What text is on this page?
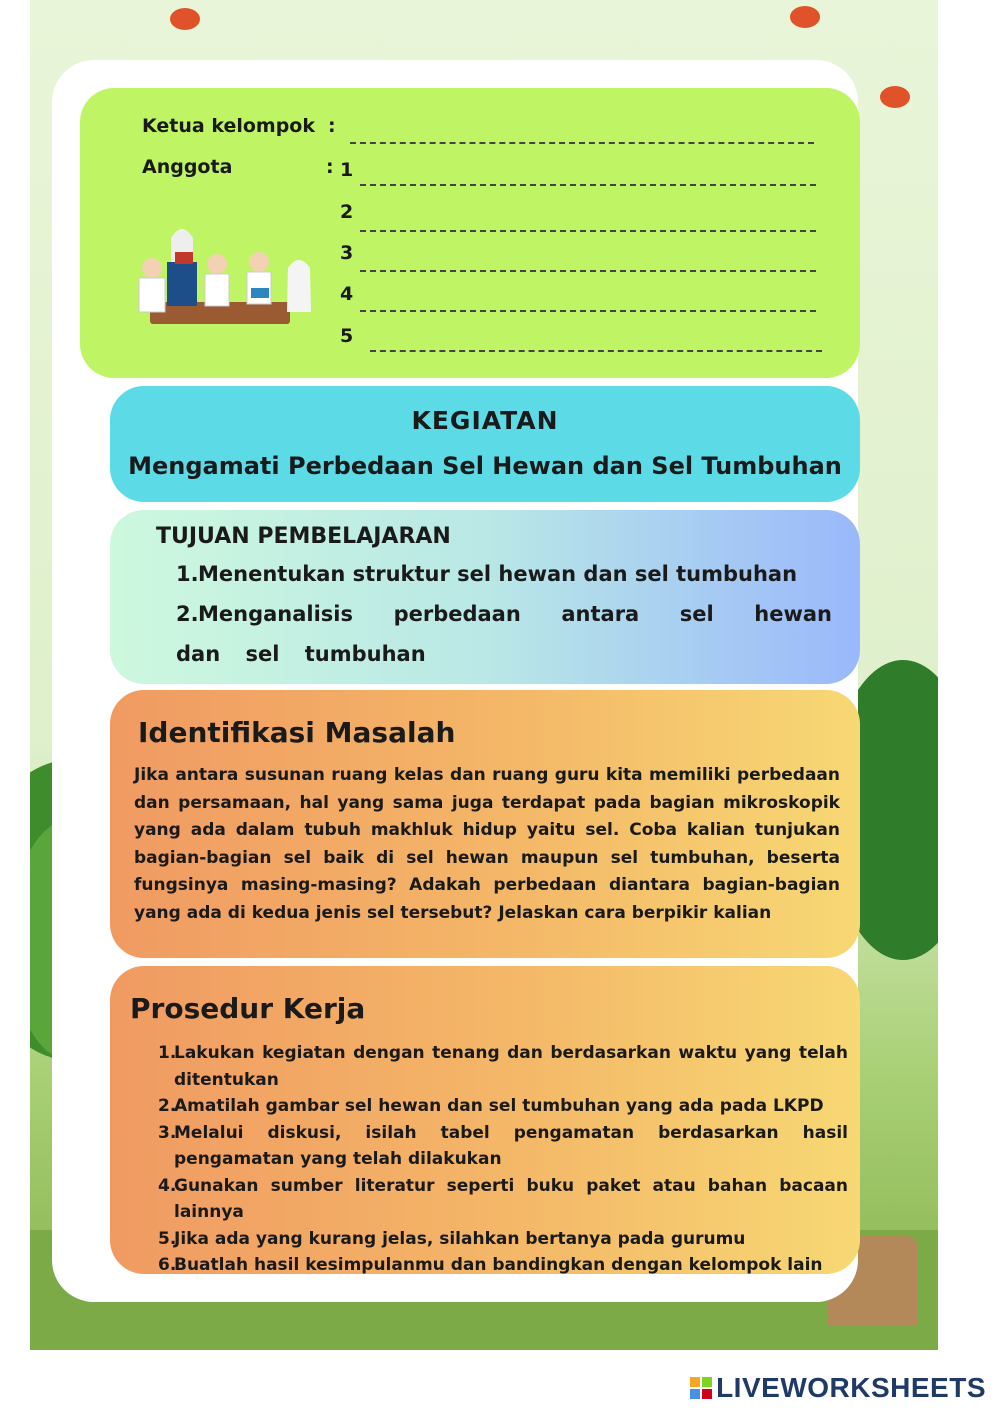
Ketua kelompok :
Anggota	: 1
2
3
4
5
KEGIATAN
Mengamati Perbedaan Sel Hewan dan Sel Tumbuhan
TUJUAN PEMBELAJARAN
1.Menentukan struktur sel hewan dan sel tumbuhan
2.Menganalisis perbedaan antara sel hewan dan sel tumbuhan
Identifikasi Masalah
Jika antara susunan ruang kelas dan ruang guru kita memiliki perbedaan dan persamaan, hal yang sama juga terdapat pada bagian mikroskopik yang ada dalam tubuh makhluk hidup yaitu sel. Coba kalian tunjukan bagian-bagian sel baik di sel hewan maupun sel tumbuhan, beserta fungsinya masing-masing? Adakah perbedaan diantara bagian-bagian yang ada di kedua jenis sel tersebut? Jelaskan cara berpikir kalian
Prosedur Kerja
1.
Lakukan kegiatan dengan tenang dan berdasarkan waktu yang telah ditentukan
2.
Amatilah gambar sel hewan dan sel tumbuhan yang ada pada LKPD
3.
Melalui diskusi, isilah tabel pengamatan berdasarkan hasil pengamatan yang telah dilakukan
4.
Gunakan sumber literatur seperti buku paket atau bahan bacaan lainnya
5.
Jika ada yang kurang jelas, silahkan bertanya pada gurumu
6.
Buatlah hasil kesimpulanmu dan bandingkan dengan kelompok lain
LIVEWORKSHEETS
